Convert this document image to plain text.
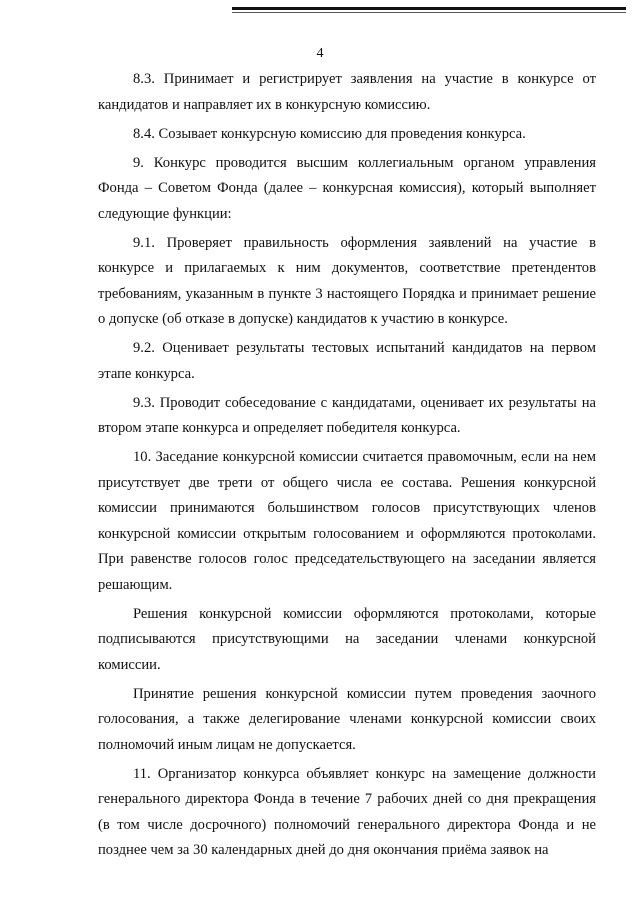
4

8.3. Принимает и регистрирует заявления на участие в конкурсе от кандидатов и направляет их в конкурсную комиссию.

8.4. Созывает конкурсную комиссию для проведения конкурса.

9. Конкурс проводится высшим коллегиальным органом управления Фонда – Советом Фонда (далее – конкурсная комиссия), который выполняет следующие функции:

9.1. Проверяет правильность оформления заявлений на участие в конкурсе и прилагаемых к ним документов, соответствие претендентов требованиям, указанным в пункте 3 настоящего Порядка и принимает решение о допуске (об отказе в допуске) кандидатов к участию в конкурсе.

9.2. Оценивает результаты тестовых испытаний кандидатов на первом этапе конкурса.

9.3. Проводит собеседование с кандидатами, оценивает их результаты на втором этапе конкурса и определяет победителя конкурса.

10. Заседание конкурсной комиссии считается правомочным, если на нем присутствует две трети от общего числа ее состава. Решения конкурсной комиссии принимаются большинством голосов присутствующих членов конкурсной комиссии открытым голосованием и оформляются протоколами. При равенстве голосов голос председательствующего на заседании является решающим.

Решения конкурсной комиссии оформляются протоколами, которые подписываются присутствующими на заседании членами конкурсной комиссии.

Принятие решения конкурсной комиссии путем проведения заочного голосования, а также делегирование членами конкурсной комиссии своих полномочий иным лицам не допускается.

11. Организатор конкурса объявляет конкурс на замещение должности генерального директора Фонда в течение 7 рабочих дней со дня прекращения (в том числе досрочного) полномочий генерального директора Фонда и не позднее чем за 30 календарных дней до дня окончания приёма заявок на
